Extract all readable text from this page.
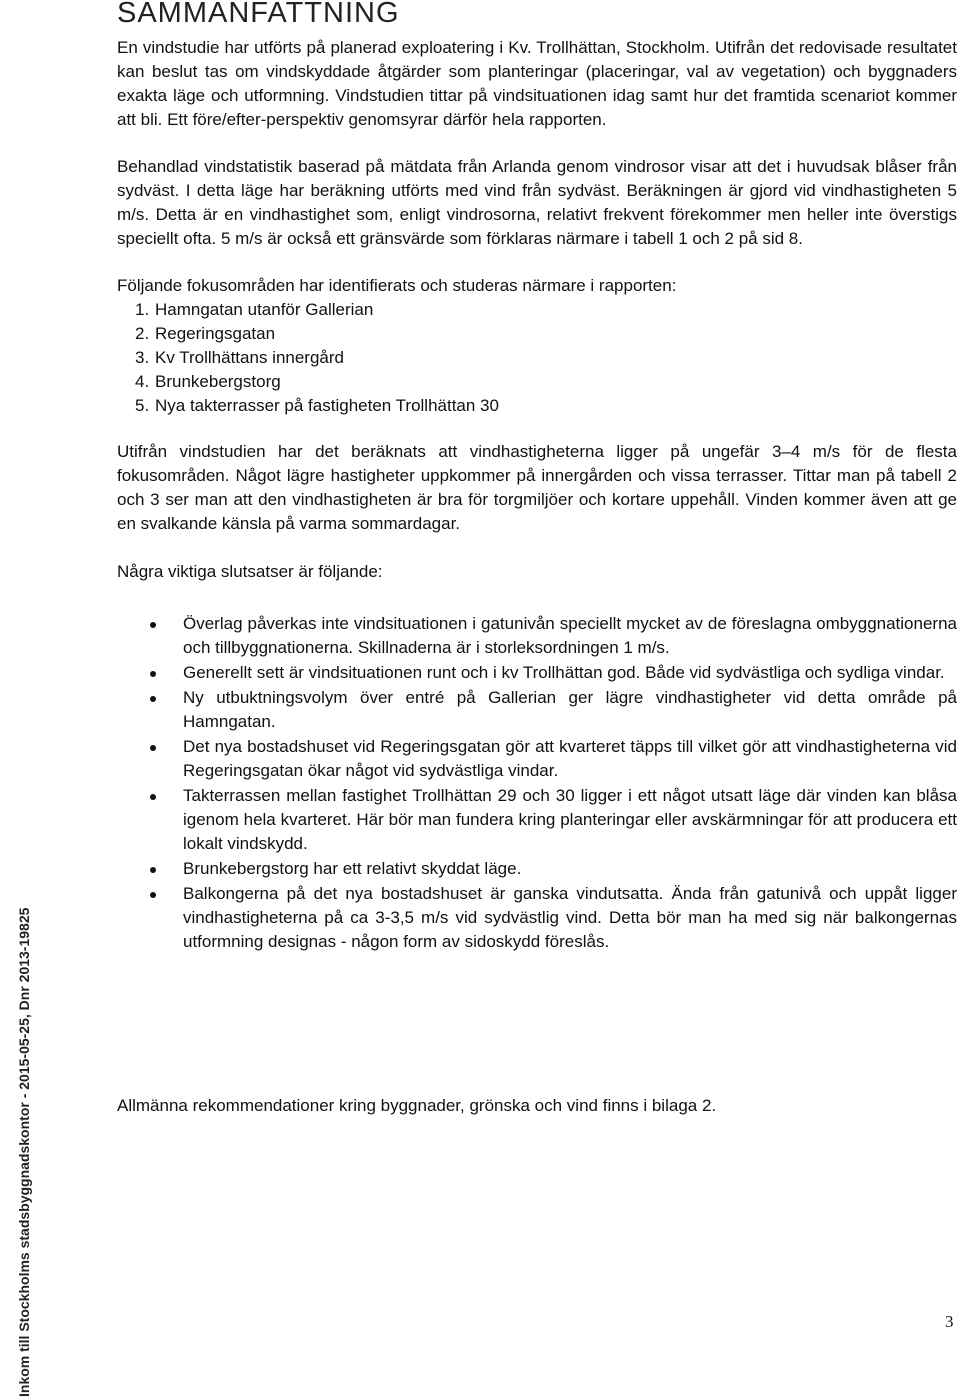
SAMMANFATTNING

En vindstudie har utförts på planerad exploatering i Kv. Trollhättan, Stockholm. Utifrån det redovisade resultatet kan beslut tas om vindskyddade åtgärder som planteringar (placeringar, val av vegetation) och byggnaders exakta läge och utformning. Vindstudien tittar på vindsituationen idag samt hur det framtida scenariot kommer att bli. Ett före/efter-perspektiv genomsyrar därför hela rapporten.

Behandlad vindstatistik baserad på mätdata från Arlanda genom vindrosor visar att det i huvudsak blåser från sydväst. I detta läge har beräkning utförts med vind från sydväst. Beräkningen är gjord vid vindhastigheten 5 m/s. Detta är en vindhastighet som, enligt vindrosorna, relativt frekvent förekommer men heller inte överstigs speciellt ofta. 5 m/s är också ett gränsvärde som förklaras närmare i tabell 1 och 2 på sid 8.

Följande fokusområden har identifierats och studeras närmare i rapporten:

1. Hamngatan utanför Gallerian
2. Regeringsgatan
3. Kv Trollhättans innergård
4. Brunkebergstorg
5. Nya takterrasser på fastigheten Trollhättan 30

Utifrån vindstudien har det beräknats att vindhastigheterna ligger på ungefär 3–4 m/s för de flesta fokusområden. Något lägre hastigheter uppkommer på innergården och vissa terrasser. Tittar man på tabell 2 och 3 ser man att den vindhastigheten är bra för torgmiljöer och kortare uppehåll. Vinden kommer även att ge en svalkande känsla på varma sommardagar.

Några viktiga slutsatser är följande:

Överlag påverkas inte vindsituationen i gatunivån speciellt mycket av de föreslagna ombyggnationerna och tillbyggnationerna. Skillnaderna är i storleksordningen 1 m/s.
Generellt sett är vindsituationen runt och i kv Trollhättan god. Både vid sydvästliga och sydliga vindar.
Ny utbuktningsvolym över entré på Gallerian ger lägre vindhastigheter vid detta område på Hamngatan.
Det nya bostadshuset vid Regeringsgatan gör att kvarteret täpps till vilket gör att vindhastigheterna vid Regeringsgatan ökar något vid sydvästliga vindar.
Takterrassen mellan fastighet Trollhättan 29 och 30 ligger i ett något utsatt läge där vinden kan blåsa igenom hela kvarteret. Här bör man fundera kring planteringar eller avskärmningar för att producera ett lokalt vindskydd.
Brunkebergstorg har ett relativt skyddat läge.
Balkongerna på det nya bostadshuset är ganska vindutsatta. Ända från gatunivå och uppåt ligger vindhastigheterna på ca 3-3,5 m/s vid sydvästlig vind. Detta bör man ha med sig när balkongernas utformning designas - någon form av sidoskydd föreslås.

Allmänna rekommendationer kring byggnader, grönska och vind finns i bilaga 2.

3
Inkom till Stockholms stadsbyggnadskontor - 2015-05-25, Dnr 2013-19825
